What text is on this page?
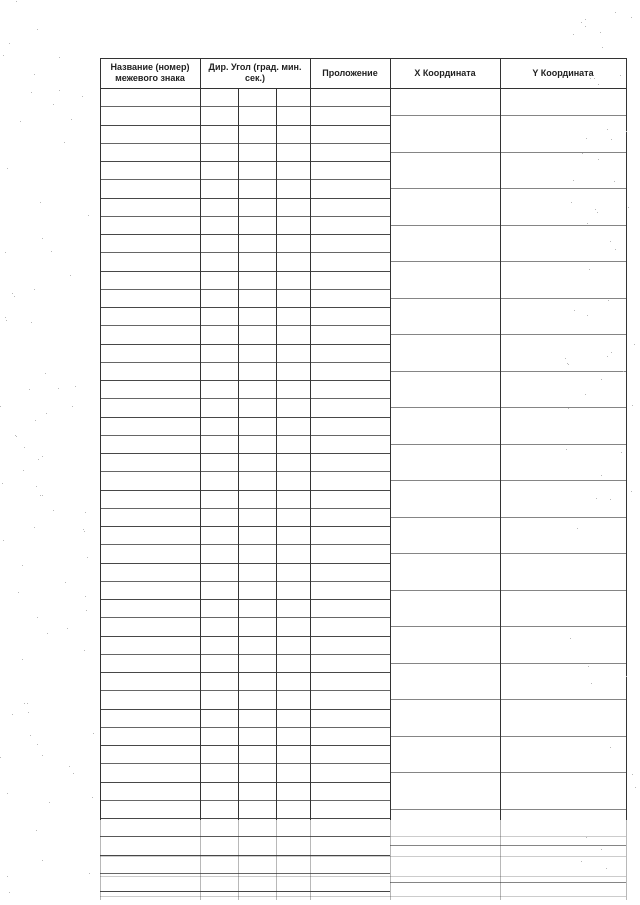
Название (номер) межевого знака
Дир. Угол (град. мин. сек.)
Проложение	X Координата	Y Координата
